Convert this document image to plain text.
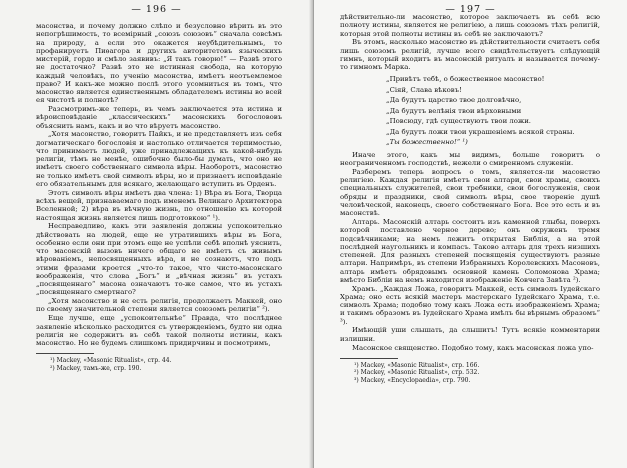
— 196 —
масонства, и почему должно слѣпо и безусловно вѣрить въ это непогрѣшимость, то всемiрный „союзъ союзовъ“ сначала совсѣмъ на природу, а если это окажется неубѣдительнымъ, то профанируетъ Пиѳагора и другихъ авторитетовъ языческихъ мистерій, гордо и смѣло заявивъ: „Я такъ говорю!“ — Развѣ этого не достаточно? Развѣ это не истинная свобода, на которую каждый человѣкъ, по ученію масонства, имѣетъ неотъемлемое право? И какъ-же можно послѣ этого усомниться въ томъ, что масонство является единственнымъ обладателемъ истины во всей ея чистотѣ и полнотѣ?
Разсмотримъ-же теперь, въ чемъ заключается эта истина и вѣроисповѣданіе „классическихъ“ масонскихъ богослововъ объяснить намъ, какъ и во что вѣруетъ масонство.
„Хотя масонство, говоритъ Пайкъ, и не представляетъ изъ себя догматическаго богословія и настолько отличается терпимостью, что принимаетъ людей, уже принадлежащихъ къ какой-нибудь религіи, тѣмъ не менѣе, ошибочно было-бы думать, что оно не имѣетъ своего собственнаго символа вѣры. Наоборотъ, масонство не только имѣетъ свой символъ вѣры, но и признаетъ исповѣданіе его обязательнымъ для всякаго, желающаго вступить въ Орденъ.
Этотъ символъ вѣры имѣетъ два члена: 1) Вѣра въ Бога, Творца всѣхъ вещей, признаваемаго подъ именемъ Великаго Архитектора Вселенной; 2) вѣра въ вѣчную жизнь, по отношенію къ которой настоящая жизнь является лишь подготовкою“ ¹).
Несправедливо, какъ эти заявленія должны успокоительно дѣйствовать на людей, еще не утратившихъ вѣры въ Бога, особенно если они при этомъ еще не успѣли себѣ вполнѣ уяснить, что масонскій вызовъ ничего общаго не имѣетъ съ живымъ вѣрованіемъ, непосвященныхъ вѣра, и не сознаютъ, что подъ этими фразами кроется „что-то такое, что чисто-масонскаго воображенія, что слова „Богъ“ и „вѣчная жизнь“ въ устахъ „посвященнаго“ масона означаютъ то-же самое, что въ устахъ „посвященнаго смертнаго?
„Хотя масонство и не есть религія, продолжаетъ Маккей, оно по своему значительной степени является союзомъ религіи“ ²).
Еще лучше, еще „успокоительнѣе“ Правда, что послѣднее заявленіе нѣсколько расходится съ утвержденіемъ, будто ни одна религія не содержитъ въ себѣ такой полноты истины, какъ масонство. Но не будемъ слишкомъ придирчивы и посмотримъ,
¹) Mackey, «Masonic Ritualist», стр. 44.
²) Mackey, тамъ-же, стр. 190.
— 197 —
дѣйствительно-ли масонство, которое заключаетъ въ себѣ всю полноту истины, является не религіею, а лишь союзомъ тѣхъ религій, которыя этой полноты истины въ себѣ не заключаютъ?
Въ этомъ, насколько масонство въ дѣйствительности считаетъ себя лишь союзомъ религій, лучше всего свидѣтельствуетъ слѣдующій гимнъ, который входитъ въ масонскій ритуалъ и называется почему-то гимномъ Марка.
„Привѣтъ тебѣ, о божественное масонство!
„Сіяй, Слава вѣковъ!
„Да будутъ царство твое долговѣчно,
„Да будутъ велѣнія твои вѣрховными
„Повсюду, гдѣ существуютъ твои ложи.
„Да будутъ ложи твои украшеніемъ всякой страны.
„Ты божественно!“ ¹)
Иначе этого, какъ мы видимъ, больше говоритъ о неограниченномъ господствѣ, нежели о смиренномъ служеніи.
Разберемъ теперь вопросъ о томъ, является-ли масонство религіею. Каждая религія имѣетъ свои алтари, свои храмы, своихъ специальныхъ служителей, свои требники, свои богослуженія, свои обряды и праздники, свой символъ вѣры, свое твореніе душѣ человѣческой, наконецъ, своего собственнаго Бога. Все это есть и въ масонствѣ.
Алтарь. Масонскій алтарь состоитъ изъ каменной глыбы, поверхъ которой поставлено черное дерево; онъ окруженъ тремя подсвѣчниками; на немъ лежитъ открытая Библія, а на этой послѣдней наугольникъ и компасъ. Таково алтарь для трехъ низшихъ степеней. Для разныхъ степеней посвященія существуютъ разные алтари. Напримѣръ, въ степени Избранныхъ Королевскихъ Масоновъ, алтарь имѣетъ обрядовымъ основной камень Соломонова Храма; вмѣсто Библіи на немъ находится изображеніе Ковчега Завѣта ²).
Храмъ. „Каждая Ложа, говоритъ Маккей, есть символъ Іудейскаго Храма; оно есть всякій мастеръ мастерскаго Іудейскаго Храма, т.е. символъ Храма; подобно тому какъ Ложа есть изображеніемъ Храма; и такимъ образомъ въ Іудейскаго Храма имѣлъ бы вѣрнымъ образомъ“ ³).
Имѣющій уши слышать, да слышитъ! Тутъ всякіе комментарии излишни.
Масонское священство. Подобно тому, какъ масонская ложа упо-
¹) Mackey, «Masonic Ritualist», стр. 166.
²) Mackey, «Masonic Ritualist», стр. 532.
³) Mackey, «Encyclopaedia», стр. 790.
